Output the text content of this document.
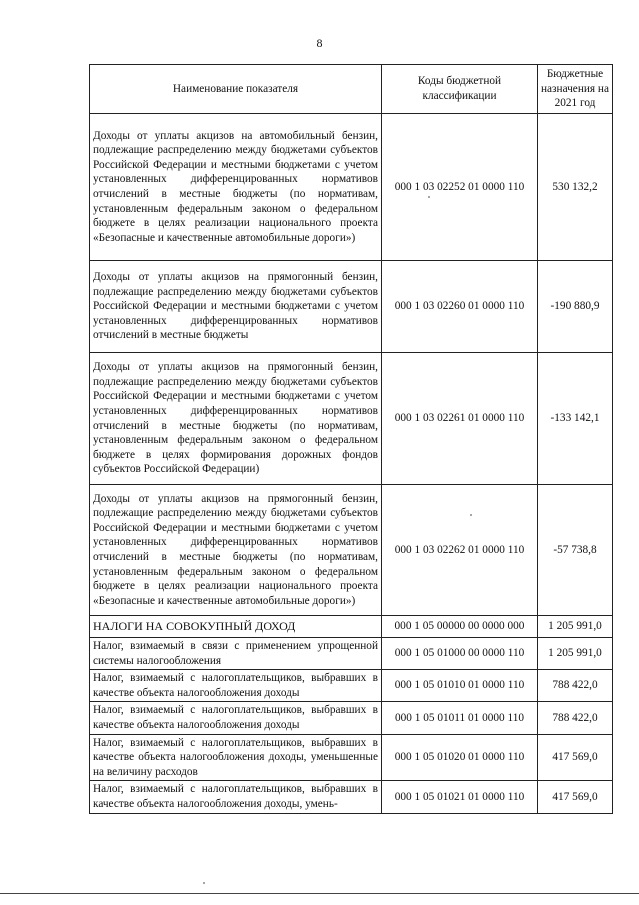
8
Наименование показателя	Коды бюджетной классификации	Бюджетные назначения на 2021 год
Доходы от уплаты акцизов на автомобильный бензин, подлежащие распределению между бюджетами субъектов Российской Федерации и местными бюджетами с учетом установленных дифференцированных нормативов отчислений в местные бюджеты (по нормативам, установленным федеральным законом о федеральном бюджете в целях реализации национального проекта «Безопасные и качественные автомобильные дороги»)	000 1 03 02252 01 0000 110	530 132,2
Доходы от уплаты акцизов на прямогонный бензин, подлежащие распределению между бюджетами субъектов Российской Федерации и местными бюджетами с учетом установленных дифференцированных нормативов отчислений в местные бюджеты	000 1 03 02260 01 0000 110	-190 880,9
Доходы от уплаты акцизов на прямогонный бензин, подлежащие распределению между бюджетами субъектов Российской Федерации и местными бюджетами с учетом установленных дифференцированных нормативов отчислений в местные бюджеты (по нормативам, установленным федеральным законом о федеральном бюджете в целях формирования дорожных фондов субъектов Российской Федерации)	000 1 03 02261 01 0000 110	-133 142,1
Доходы от уплаты акцизов на прямогонный бензин, подлежащие распределению между бюджетами субъектов Российской Федерации и местными бюджетами с учетом установленных дифференцированных нормативов отчислений в местные бюджеты (по нормативам, установленным федеральным законом о федеральном бюджете в целях реализации национального проекта «Безопасные и качественные автомобильные дороги»)	000 1 03 02262 01 0000 110	-57 738,8
НАЛОГИ НА СОВОКУПНЫЙ ДОХОД	000 1 05 00000 00 0000 000	1 205 991,0
Налог, взимаемый в связи с применением упрощенной системы налогообложения	000 1 05 01000 00 0000 110	1 205 991,0
Налог, взимаемый с налогоплательщиков, выбравших в качестве объекта налогообложения доходы	000 1 05 01010 01 0000 110	788 422,0
Налог, взимаемый с налогоплательщиков, выбравших в качестве объекта налогообложения доходы	000 1 05 01011 01 0000 110	788 422,0
Налог, взимаемый с налогоплательщиков, выбравших в качестве объекта налогообложения доходы, уменьшенные на величину расходов	000 1 05 01020 01 0000 110	417 569,0
Налог, взимаемый с налогоплательщиков, выбравших в качестве объекта налогообложения доходы, умень-	000 1 05 01021 01 0000 110	417 569,0
